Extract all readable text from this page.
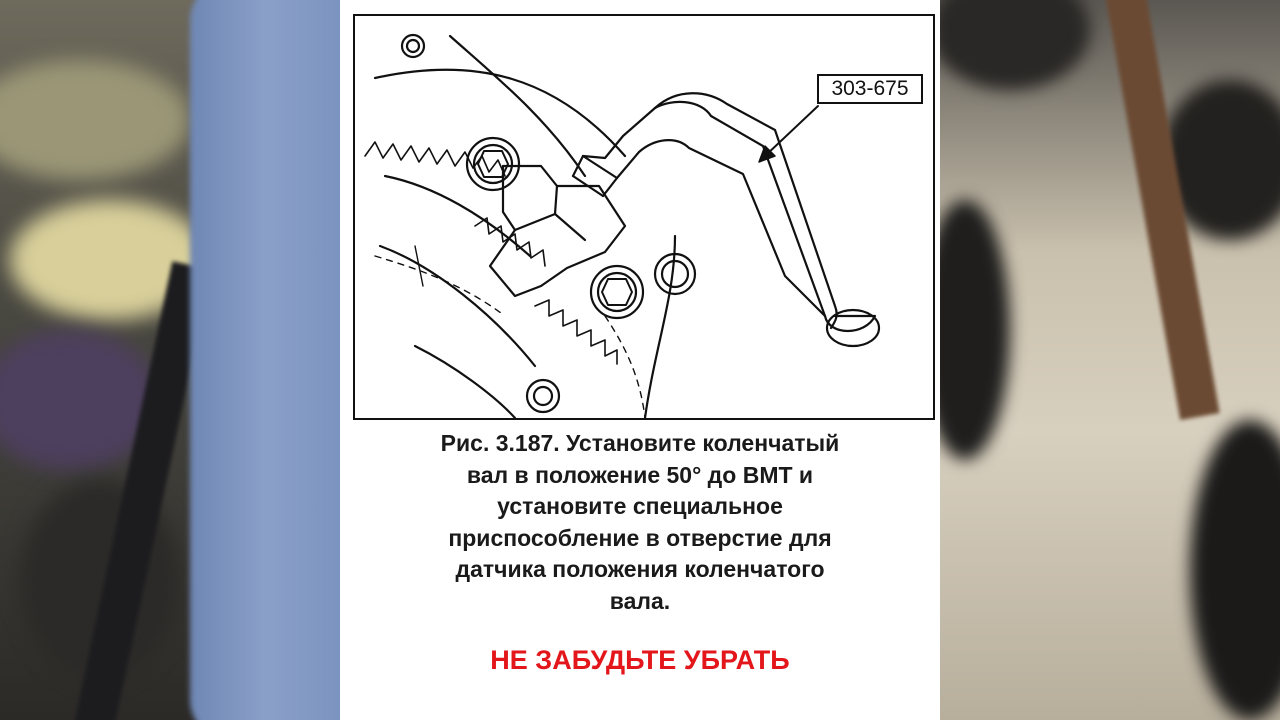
303-675
Рис. 3.187. Установите коленчатый
вал в положение 50° до ВМТ и
установите специальное
приспособление в отверстие для
датчика положения коленчатого
вала.
НЕ ЗАБУДЬТЕ УБРАТЬ
